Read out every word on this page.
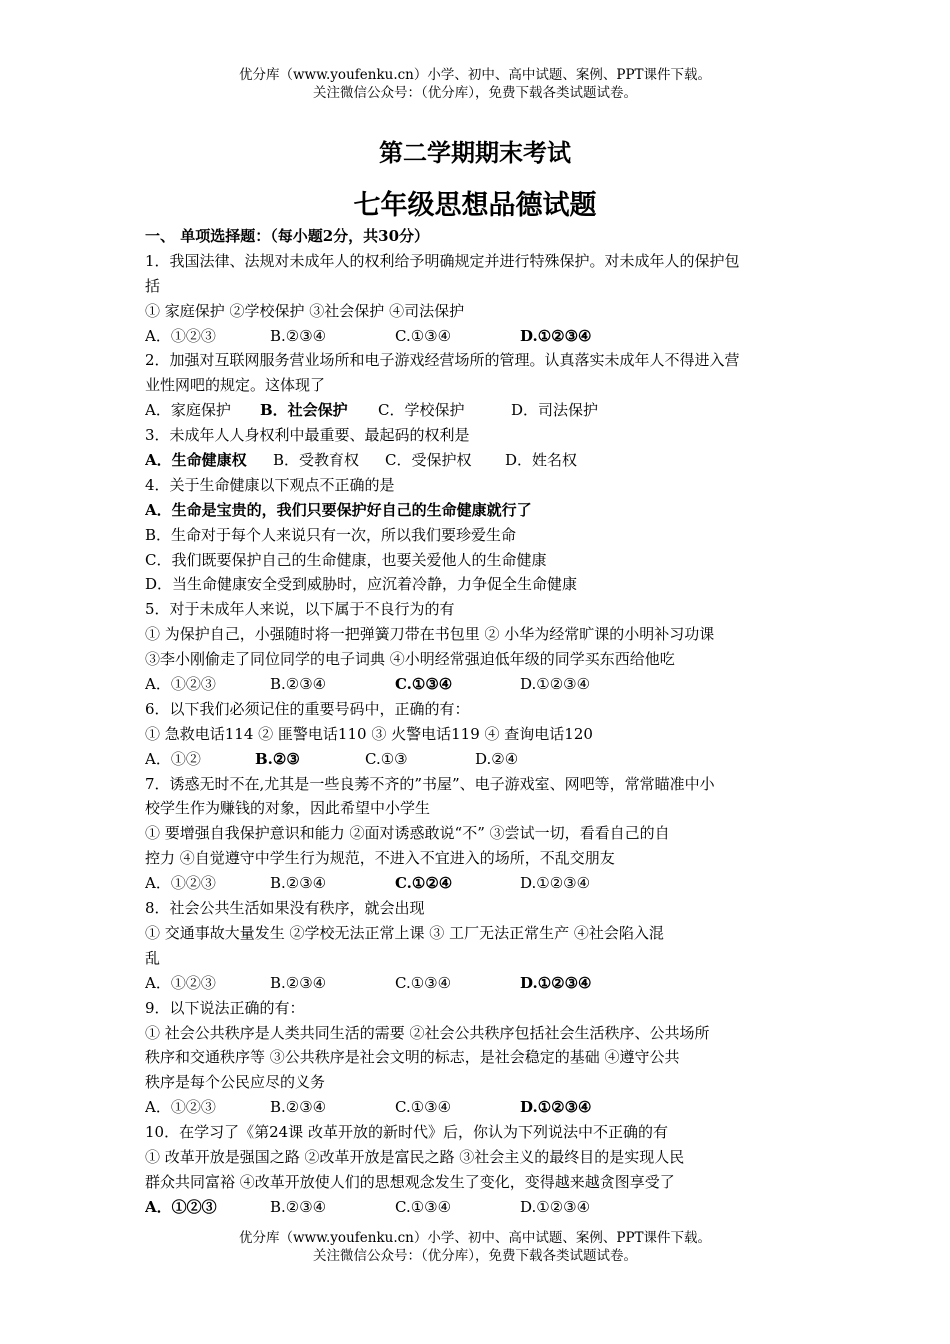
优分库（www.youfenku.cn）小学、初中、高中试题、案例、PPT课件下载。
关注微信公众号：（优分库），免费下载各类试题试卷。
第二学期期末考试
七年级思想品德试题
一、 单项选择题：（每小题2分，共30分）
1．我国法律、法规对未成年人的权利给予明确规定并进行特殊保护。对未成年人的保护包
括
① 家庭保护 ②学校保护 ③社会保护 ④司法保护
A．①②③	B.②③④	C.①③④	D.①②③④
2．加强对互联网服务营业场所和电子游戏经营场所的管理。认真落实未成年人不得进入营
业性网吧的规定。这体现了
A．家庭保护 B．社会保护 C．学校保护	D．司法保护
3．未成年人人身权利中最重要、最起码的权利是
A．生命健康权 B．受教育权 C．受保护权 D．姓名权
4．关于生命健康以下观点不正确的是
A．生命是宝贵的，我们只要保护好自己的生命健康就行了
B．生命对于每个人来说只有一次，所以我们要珍爱生命
C．我们既要保护自己的生命健康，也要关爱他人的生命健康
D．当生命健康安全受到威胁时，应沉着冷静，力争促全生命健康
5．对于未成年人来说，以下属于不良行为的有
① 为保护自己，小强随时将一把弹簧刀带在书包里 ② 小华为经常旷课的小明补习功课
③李小刚偷走了同位同学的电子词典 ④小明经常强迫低年级的同学买东西给他吃
A．①②③	B.②③④	C.①③④	D.①②③④
6．以下我们必须记住的重要号码中，正确的有：
① 急救电话114 ② 匪警电话110 ③ 火警电话119 ④ 查询电话120
A．①②	B.②③	C.①③	D.②④
7．诱惑无时不在,尤其是一些良莠不齐的”书屋”、电子游戏室、网吧等，常常瞄准中小
校学生作为赚钱的对象，因此希望中小学生
① 要增强自我保护意识和能力 ②面对诱惑敢说“不” ③尝试一切，看看自己的自
控力 ④自觉遵守中学生行为规范，不进入不宜进入的场所，不乱交朋友
A．①②③	B.②③④	C.①②④	D.①②③④
8．社会公共生活如果没有秩序，就会出现
① 交通事故大量发生 ②学校无法正常上课 ③ 工厂无法正常生产 ④社会陷入混
乱
A．①②③	B.②③④	C.①③④	D.①②③④
9．以下说法正确的有：
① 社会公共秩序是人类共同生活的需要 ②社会公共秩序包括社会生活秩序、公共场所
秩序和交通秩序等 ③公共秩序是社会文明的标志，是社会稳定的基础 ④遵守公共
秩序是每个公民应尽的义务
A．①②③	B.②③④	C.①③④	D.①②③④
10．在学习了《第24课 改革开放的新时代》后，你认为下列说法中不正确的有
① 改革开放是强国之路 ②改革开放是富民之路 ③社会主义的最终目的是实现人民
群众共同富裕 ④改革开放使人们的思想观念发生了变化，变得越来越贪图享受了
A．①②③	B.②③④	C.①③④	D.①②③④
优分库（www.youfenku.cn）小学、初中、高中试题、案例、PPT课件下载。
关注微信公众号：（优分库），免费下载各类试题试卷。
